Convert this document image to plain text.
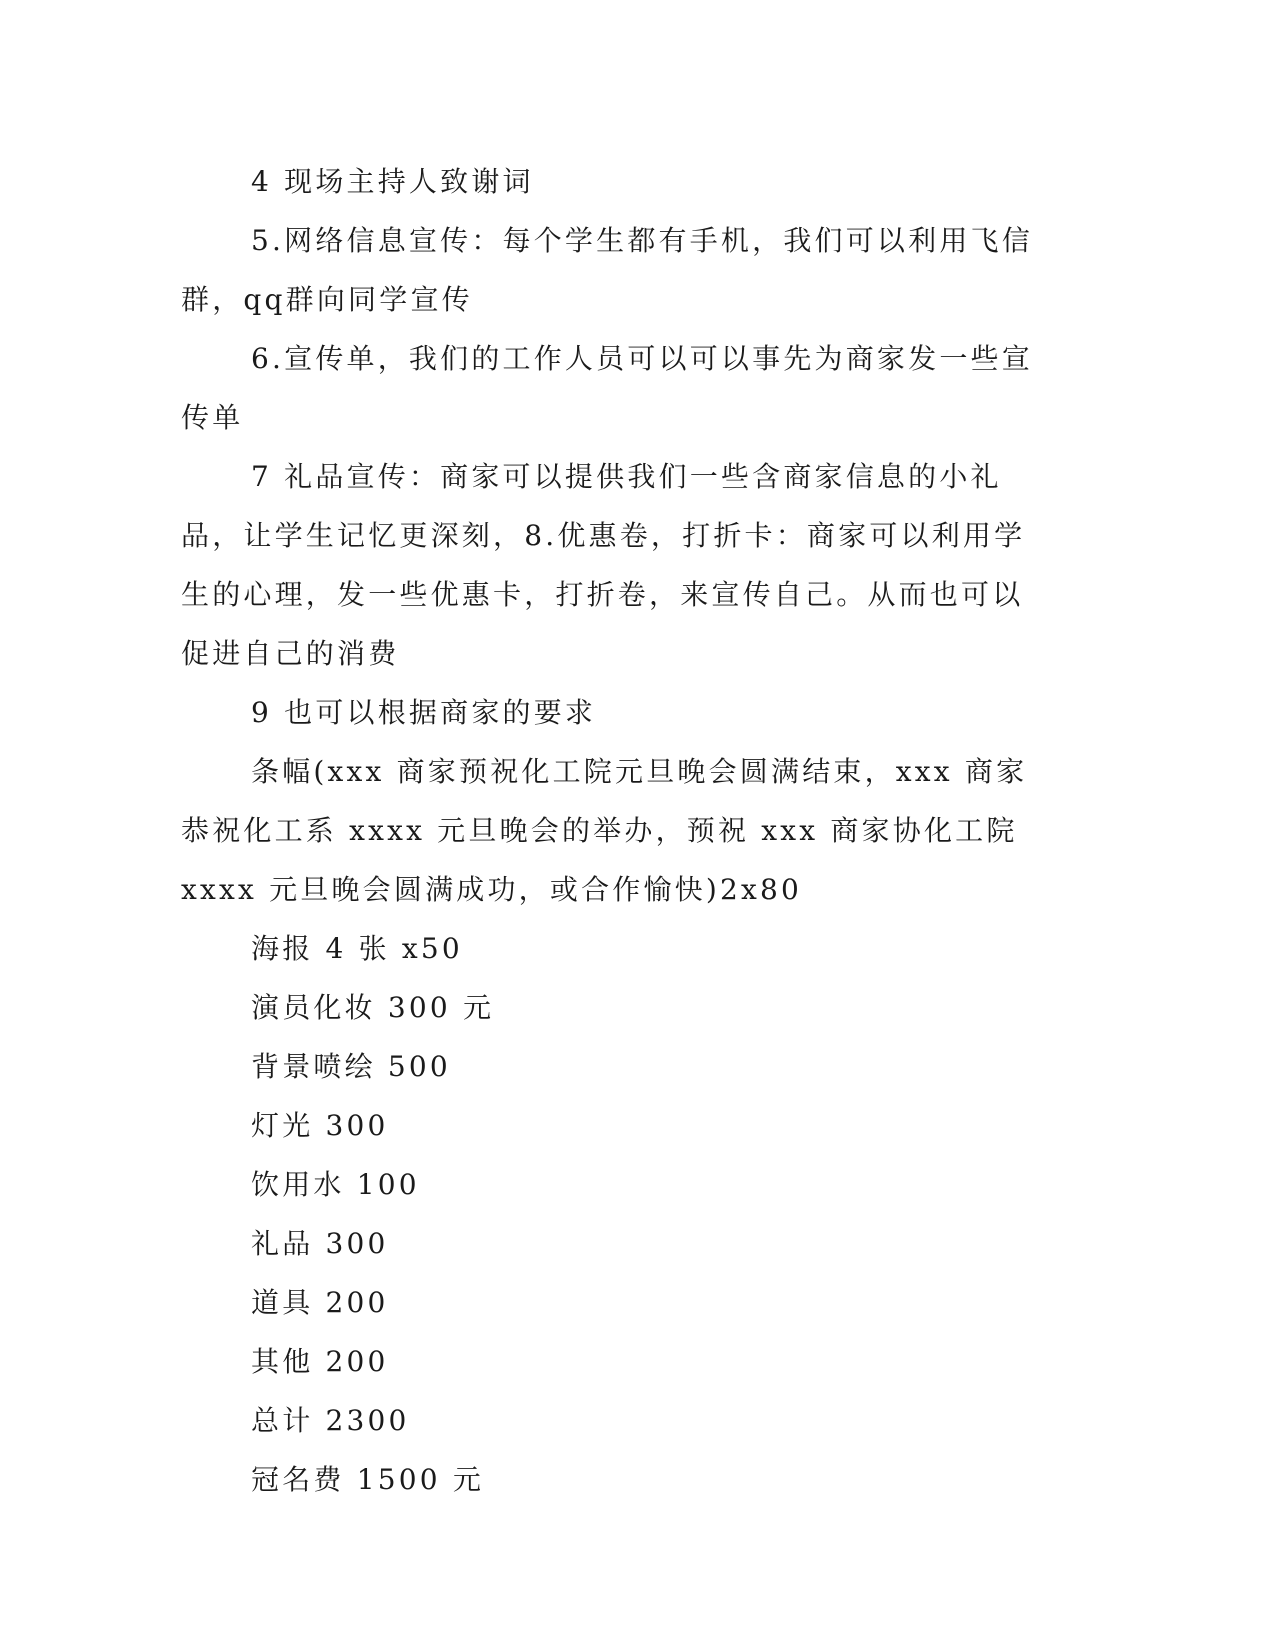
4 现场主持人致谢词

5.网络信息宣传：每个学生都有手机，我们可以利用飞信群，qq群向同学宣传

6.宣传单，我们的工作人员可以可以事先为商家发一些宣传单

7 礼品宣传：商家可以提供我们一些含商家信息的小礼品，让学生记忆更深刻，8.优惠卷，打折卡：商家可以利用学生的心理，发一些优惠卡，打折卷，来宣传自己。从而也可以促进自己的消费

9 也可以根据商家的要求

条幅(xxx 商家预祝化工院元旦晚会圆满结束，xxx 商家恭祝化工系 xxxx 元旦晚会的举办，预祝 xxx 商家协化工院 xxxx 元旦晚会圆满成功，或合作愉快)2x80

海报 4 张 x50

演员化妆 300 元

背景喷绘 500

灯光 300

饮用水 100

礼品 300

道具 200

其他 200

总计 2300

冠名费 1500 元
